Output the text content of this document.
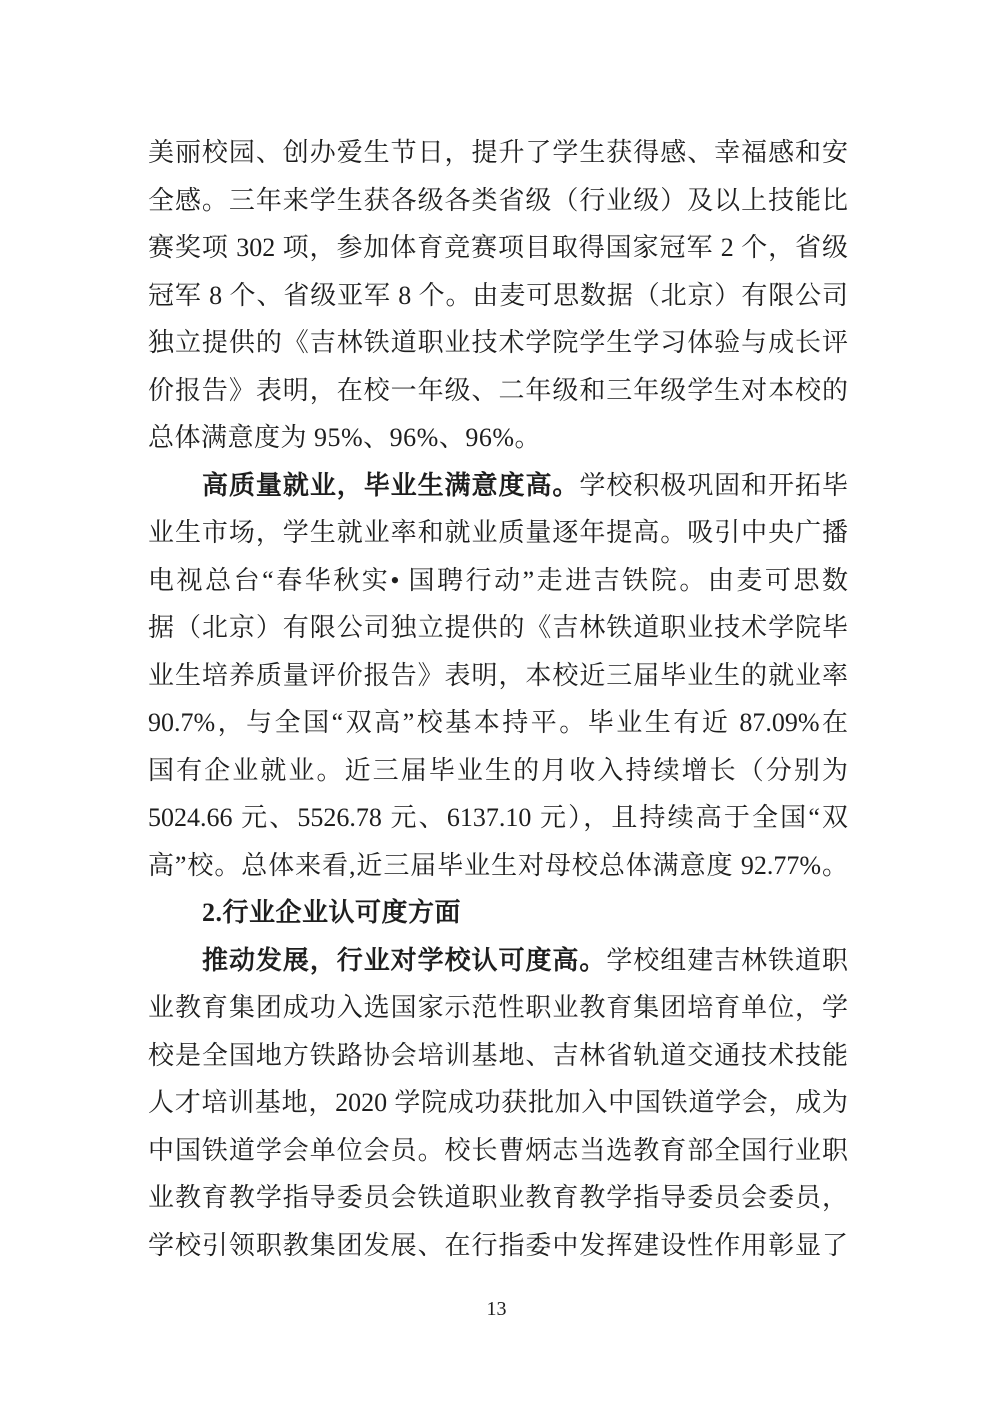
美丽校园、创办爱生节日，提升了学生获得感、幸福感和安
全感。三年来学生获各级各类省级（行业级）及以上技能比
赛奖项 302 项，参加体育竞赛项目取得国家冠军 2 个，省级
冠军 8 个、省级亚军 8 个。由麦可思数据（北京）有限公司
独立提供的《吉林铁道职业技术学院学生学习体验与成长评
价报告》表明，在校一年级、二年级和三年级学生对本校的
总体满意度为 95%、96%、96%。
高质量就业，毕业生满意度高。学校积极巩固和开拓毕
业生市场，学生就业率和就业质量逐年提高。吸引中央广播
电视总台“春华秋实• 国聘行动”走进吉铁院。由麦可思数
据（北京）有限公司独立提供的《吉林铁道职业技术学院毕
业生培养质量评价报告》表明，本校近三届毕业生的就业率
90.7%，与全国“双高”校基本持平。毕业生有近 87.09%在
国有企业就业。近三届毕业生的月收入持续增长（分别为
5024.66 元、5526.78 元、6137.10 元），且持续高于全国“双
高”校。总体来看,近三届毕业生对母校总体满意度 92.77%。
2.行业企业认可度方面
推动发展，行业对学校认可度高。学校组建吉林铁道职
业教育集团成功入选国家示范性职业教育集团培育单位，学
校是全国地方铁路协会培训基地、吉林省轨道交通技术技能
人才培训基地，2020 学院成功获批加入中国铁道学会，成为
中国铁道学会单位会员。校长曹炳志当选教育部全国行业职
业教育教学指导委员会铁道职业教育教学指导委员会委员，
学校引领职教集团发展、在行指委中发挥建设性作用彰显了
13
